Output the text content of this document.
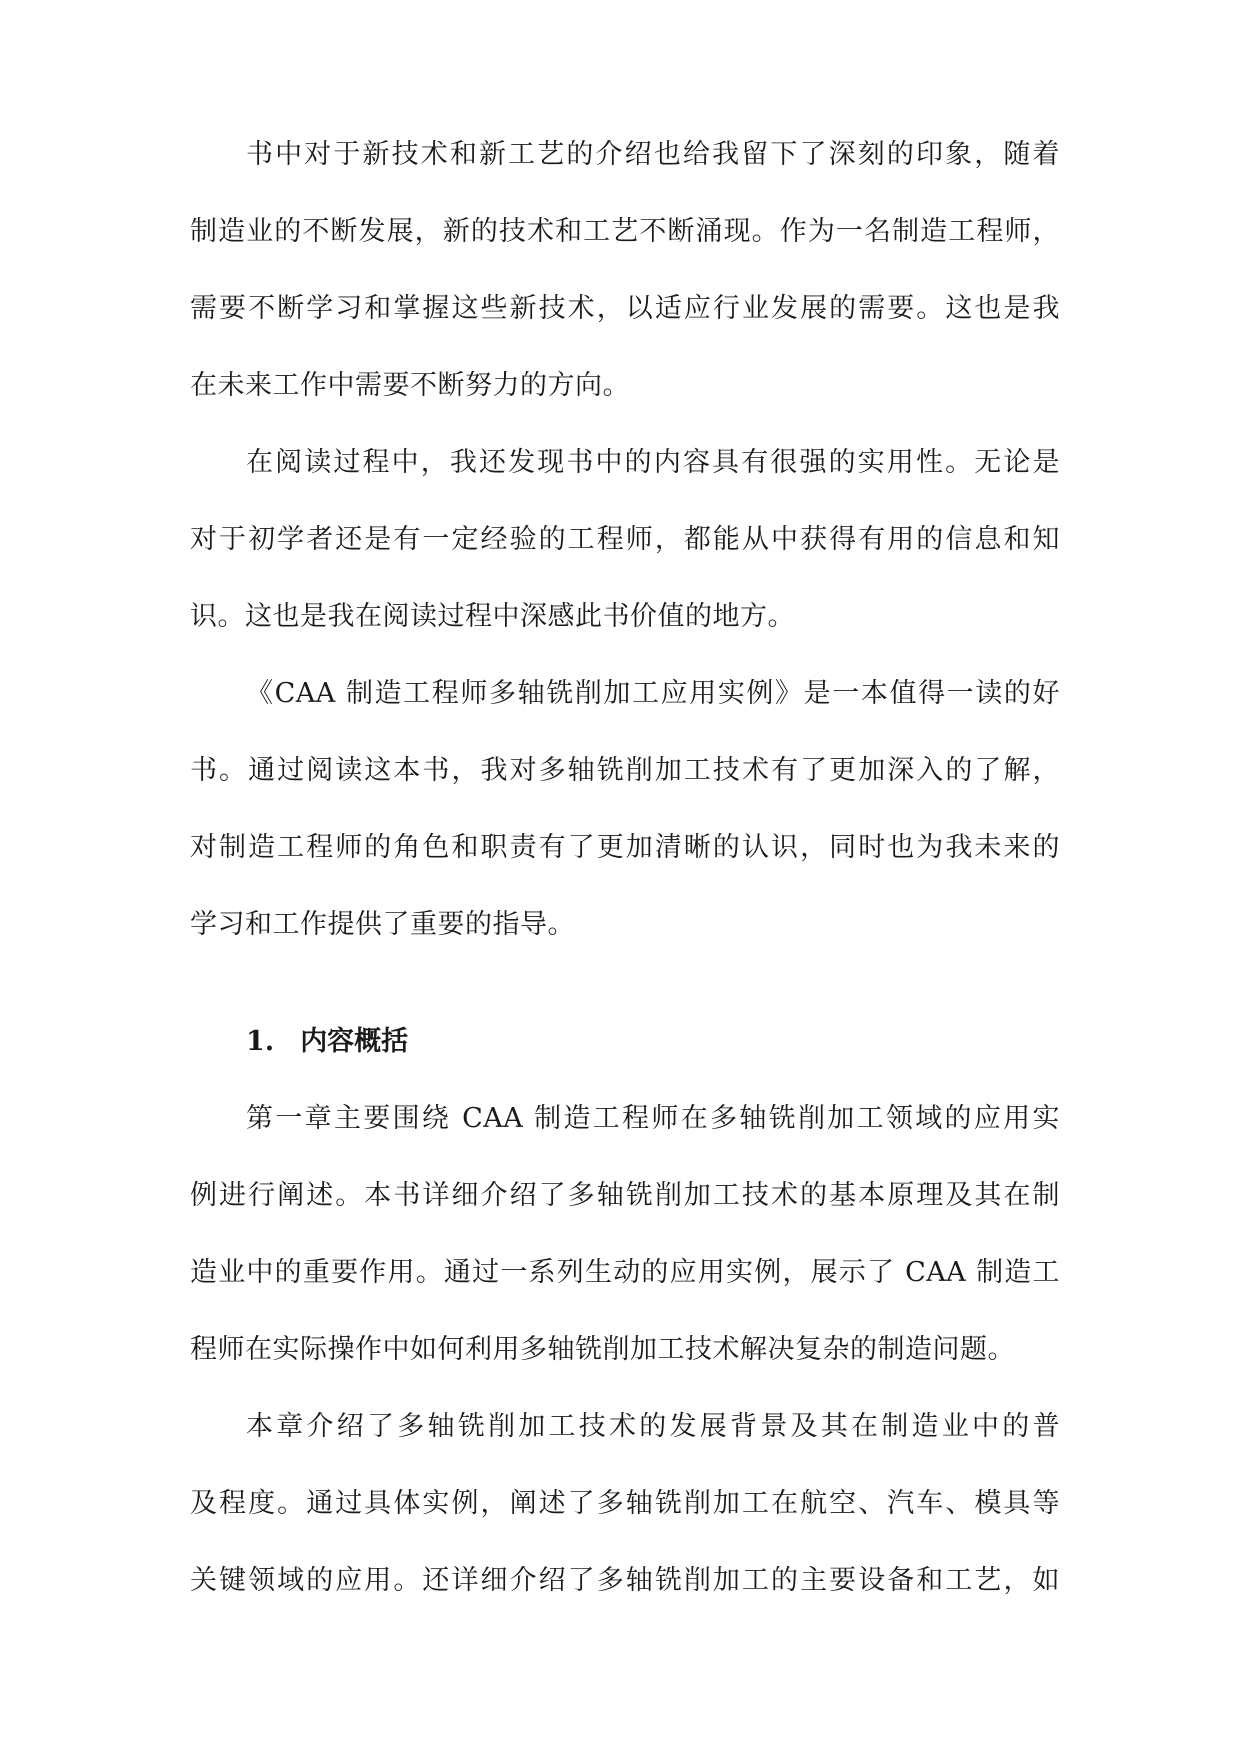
书中对于新技术和新工艺的介绍也给我留下了深刻的印象，随着
制造业的不断发展，新的技术和工艺不断涌现。作为一名制造工程师，
需要不断学习和掌握这些新技术，以适应行业发展的需要。这也是我
在未来工作中需要不断努力的方向。
在阅读过程中，我还发现书中的内容具有很强的实用性。无论是
对于初学者还是有一定经验的工程师，都能从中获得有用的信息和知
识。这也是我在阅读过程中深感此书价值的地方。
《CAA 制造工程师多轴铣削加工应用实例》是一本值得一读的好
书。通过阅读这本书，我对多轴铣削加工技术有了更加深入的了解，
对制造工程师的角色和职责有了更加清晰的认识，同时也为我未来的
学习和工作提供了重要的指导。
1. 内容概括
第一章主要围绕 CAA 制造工程师在多轴铣削加工领域的应用实
例进行阐述。本书详细介绍了多轴铣削加工技术的基本原理及其在制
造业中的重要作用。通过一系列生动的应用实例，展示了 CAA 制造工
程师在实际操作中如何利用多轴铣削加工技术解决复杂的制造问题。
本章介绍了多轴铣削加工技术的发展背景及其在制造业中的普
及程度。通过具体实例，阐述了多轴铣削加工在航空、汽车、模具等
关键领域的应用。还详细介绍了多轴铣削加工的主要设备和工艺，如
